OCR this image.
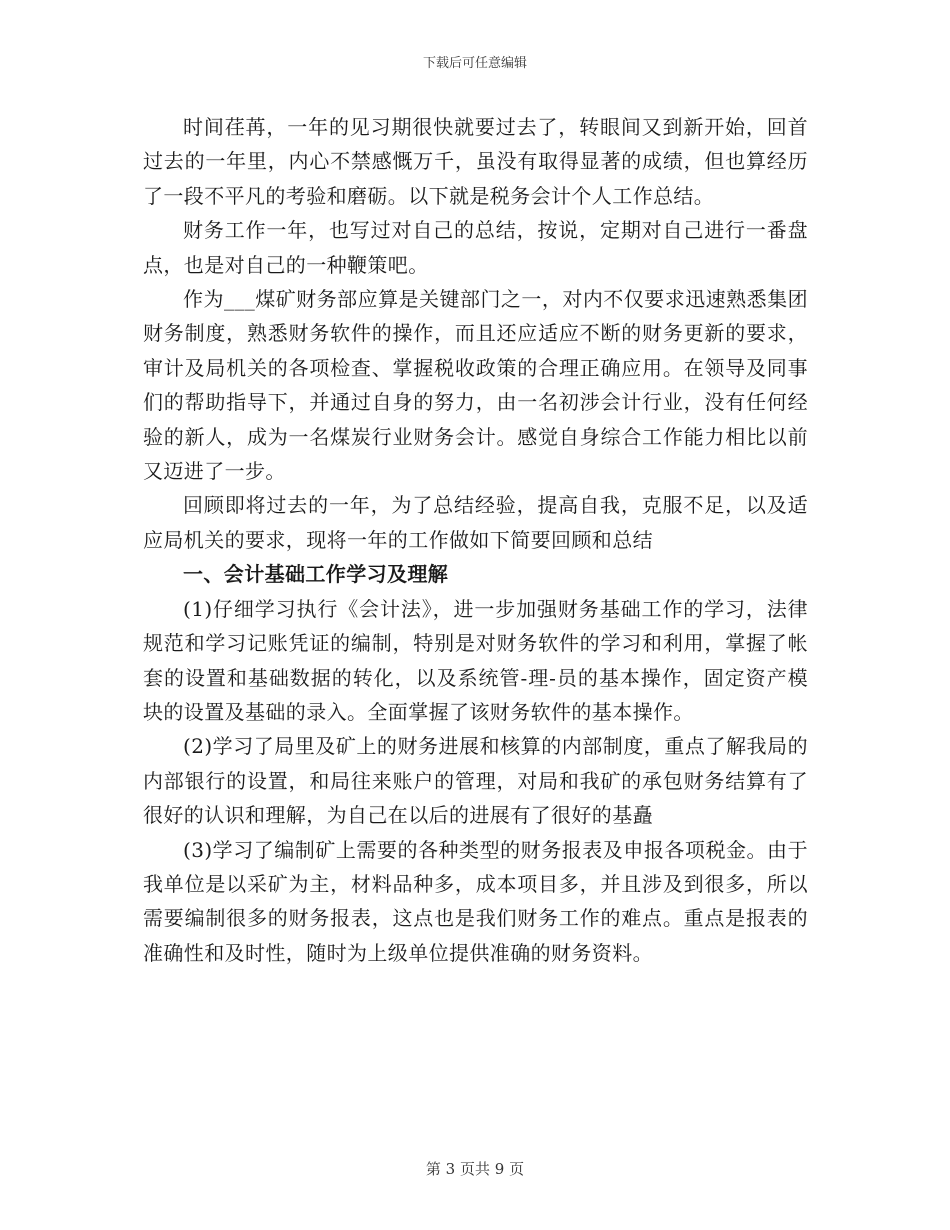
下载后可任意编辑

时间荏苒，一年的见习期很快就要过去了，转眼间又到新开始，回首过去的一年里，内心不禁感慨万千，虽没有取得显著的成绩，但也算经历了一段不平凡的考验和磨砺。以下就是税务会计个人工作总结。

财务工作一年，也写过对自己的总结，按说，定期对自己进行一番盘点，也是对自己的一种鞭策吧。

作为___煤矿财务部应算是关键部门之一，对内不仅要求迅速熟悉集团财务制度，熟悉财务软件的操作，而且还应适应不断的财务更新的要求，审计及局机关的各项检查、掌握税收政策的合理正确应用。在领导及同事们的帮助指导下，并通过自身的努力，由一名初涉会计行业，没有任何经验的新人，成为一名煤炭行业财务会计。感觉自身综合工作能力相比以前又迈进了一步。

回顾即将过去的一年，为了总结经验，提高自我，克服不足，以及适应局机关的要求，现将一年的工作做如下简要回顾和总结

一、会计基础工作学习及理解

(1)仔细学习执行《会计法》，进一步加强财务基础工作的学习，法律规范和学习记账凭证的编制，特别是对财务软件的学习和利用，掌握了帐套的设置和基础数据的转化，以及系统管-理-员的基本操作，固定资产模块的设置及基础的录入。全面掌握了该财务软件的基本操作。

(2)学习了局里及矿上的财务进展和核算的内部制度，重点了解我局的内部银行的设置，和局往来账户的管理，对局和我矿的承包财务结算有了很好的认识和理解，为自己在以后的进展有了很好的基矗

(3)学习了编制矿上需要的各种类型的财务报表及申报各项税金。由于我单位是以采矿为主，材料品种多，成本项目多，并且涉及到很多，所以需要编制很多的财务报表，这点也是我们财务工作的难点。重点是报表的准确性和及时性，随时为上级单位提供准确的财务资料。

第 3 页共 9 页
